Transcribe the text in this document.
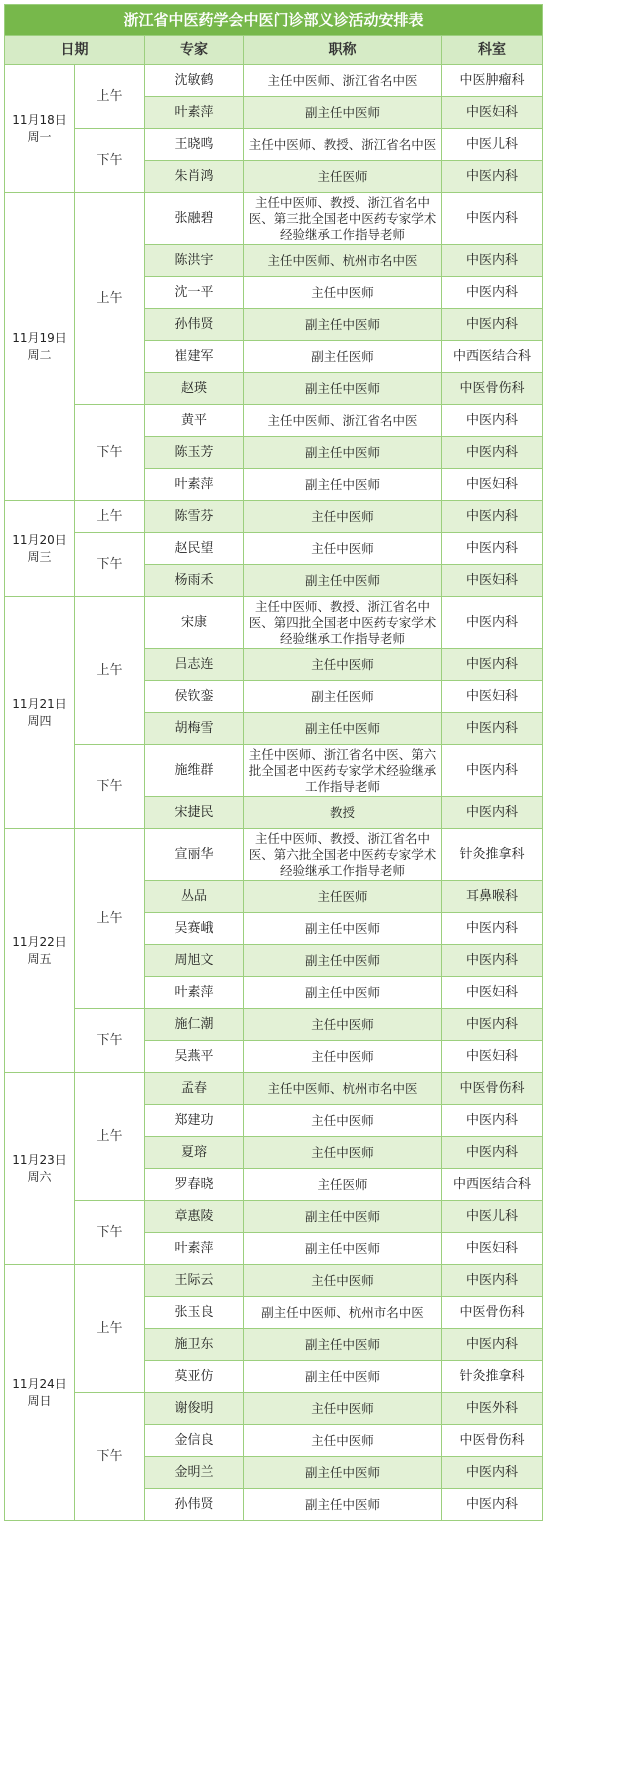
浙江省中医药学会中医门诊部义诊活动安排表				
日期		专家	职称	科室

11月18日
周一	上午	沈敏鹤	主任中医师、浙江省名中医	中医肿瘤科
		叶素萍	副主任中医师	中医妇科
	下午	王晓鸣	主任中医师、教授、浙江省名中医	中医儿科
		朱肖鸿	主任医师	中医内科

11月19日
周二	上午	张融碧	主任中医师、教授、浙江省名中医、第三批全国老中医药专家学术经验继承工作指导老师	中医内科
		陈洪宇	主任中医师、杭州市名中医	中医内科
		沈一平	主任中医师	中医内科
		孙伟贤	副主任中医师	中医内科
		崔建军	副主任医师	中西医结合科
		赵瑛	副主任中医师	中医骨伤科
	下午	黄平	主任中医师、浙江省名中医	中医内科
		陈玉芳	副主任中医师	中医内科
		叶素萍	副主任中医师	中医妇科

11月20日
周三	上午	陈雪芬	主任中医师	中医内科
	下午	赵民望	主任中医师	中医内科
		杨雨禾	副主任中医师	中医妇科

11月21日
周四	上午	宋康	主任中医师、教授、浙江省名中医、第四批全国老中医药专家学术经验继承工作指导老师	中医内科
		吕志连	主任中医师	中医内科
		侯钦銮	副主任医师	中医妇科
		胡梅雪	副主任中医师	中医内科
	下午	施维群	主任中医师、浙江省名中医、第六批全国老中医药专家学术经验继承工作指导老师	中医内科
		宋捷民	教授	中医内科

11月22日
周五	上午	宣丽华	主任中医师、教授、浙江省名中医、第六批全国老中医药专家学术经验继承工作指导老师	针灸推拿科
		丛品	主任医师	耳鼻喉科
		吴赛峨	副主任中医师	中医内科
		周旭文	副主任中医师	中医内科
		叶素萍	副主任中医师	中医妇科
	下午	施仁潮	主任中医师	中医内科
		吴燕平	主任中医师	中医妇科

11月23日
周六	上午	孟春	主任中医师、杭州市名中医	中医骨伤科
		郑建功	主任中医师	中医内科
		夏瑢	主任中医师	中医内科
		罗春晓	主任医师	中西医结合科
	下午	章惠陵	副主任中医师	中医儿科
		叶素萍	副主任中医师	中医妇科

11月24日
周日	上午	王际云	主任中医师	中医内科
		张玉良	副主任中医师、杭州市名中医	中医骨伤科
		施卫东	副主任中医师	中医内科
		莫亚仿	副主任中医师	针灸推拿科
	下午	谢俊明	主任中医师	中医外科
		金信良	主任中医师	中医骨伤科
		金明兰	副主任中医师	中医内科
		孙伟贤	副主任中医师	中医内科
